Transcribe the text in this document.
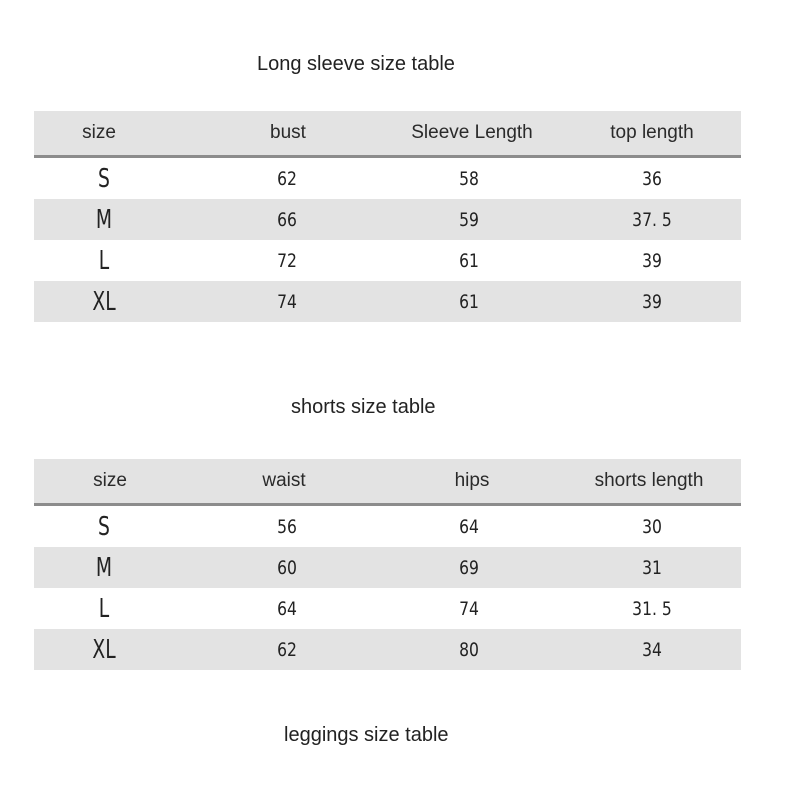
Long sleeve size table
size	bust	Sleeve Length	top length
S	62	58	36
M	66	59	37. 5
L	72	61	39
XL	74	61	39
shorts size table
size	waist	hips	shorts length
S	56	64	30
M	60	69	31
L	64	74	31. 5
XL	62	80	34
leggings size table
